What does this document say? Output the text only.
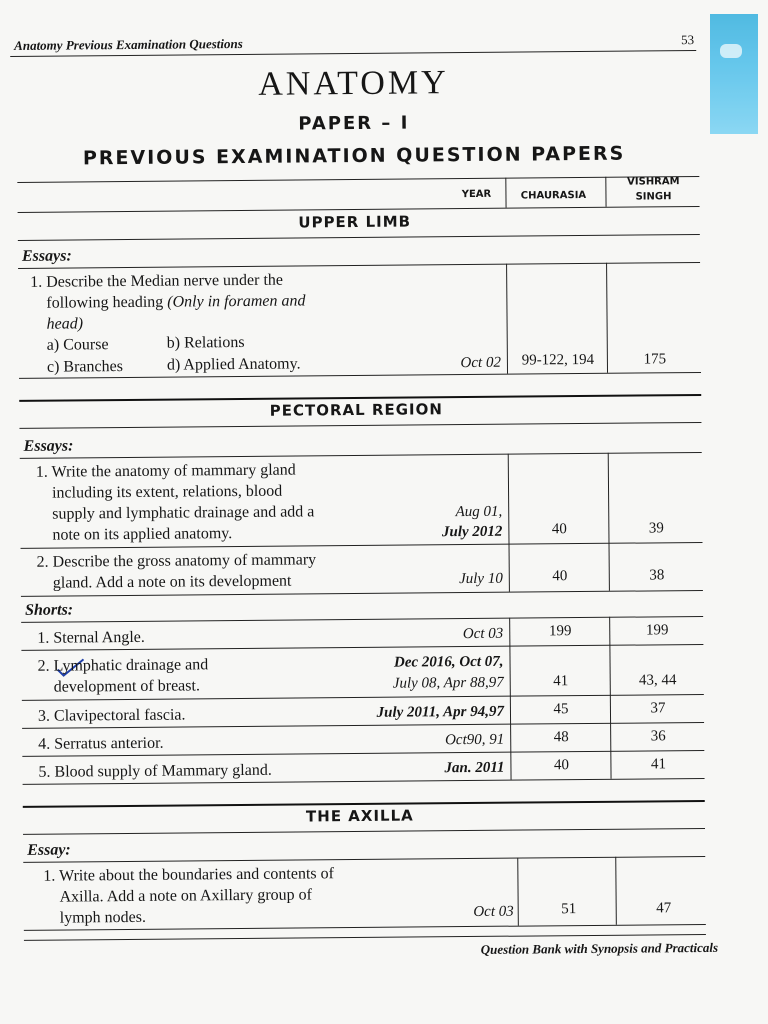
Anatomy Previous Examination Questions	53
ANATOMY
PAPER – I
PREVIOUS EXAMINATION QUESTION PAPERS
YEAR	CHAURASIA
VISHRAM
SINGH
UPPER LIMB
Essays:
1. Describe the Median nerve under the
following heading (Only in foramen and
head)
a) Course	b) Relations
c) Branches	d) Applied Anatomy.	Oct 02	99-122, 194	175
PECTORAL REGION
Essays:
1. Write the anatomy of mammary gland
including its extent, relations, blood
supply and lymphatic drainage and add a
note on its applied anatomy.
Aug 01,
July 2012	40	39
2. Describe the gross anatomy of mammary
gland. Add a note on its development	July 10	40	38
Shorts:
1. Sternal Angle.	Oct 03	199	199
2. Lymphatic drainage and
development of breast.
Dec 2016, Oct 07,
July 08, Apr 88,97	41	43, 44
3. Clavipectoral fascia.	July 2011, Apr 94,97	45	37
4. Serratus anterior.	Oct90, 91	48	36
5. Blood supply of Mammary gland.	Jan. 2011	40	41
THE AXILLA
Essay:
1. Write about the boundaries and contents of
Axilla. Add a note on Axillary group of
lymph nodes.	Oct 03	51	47
Question Bank with Synopsis and Practicals
